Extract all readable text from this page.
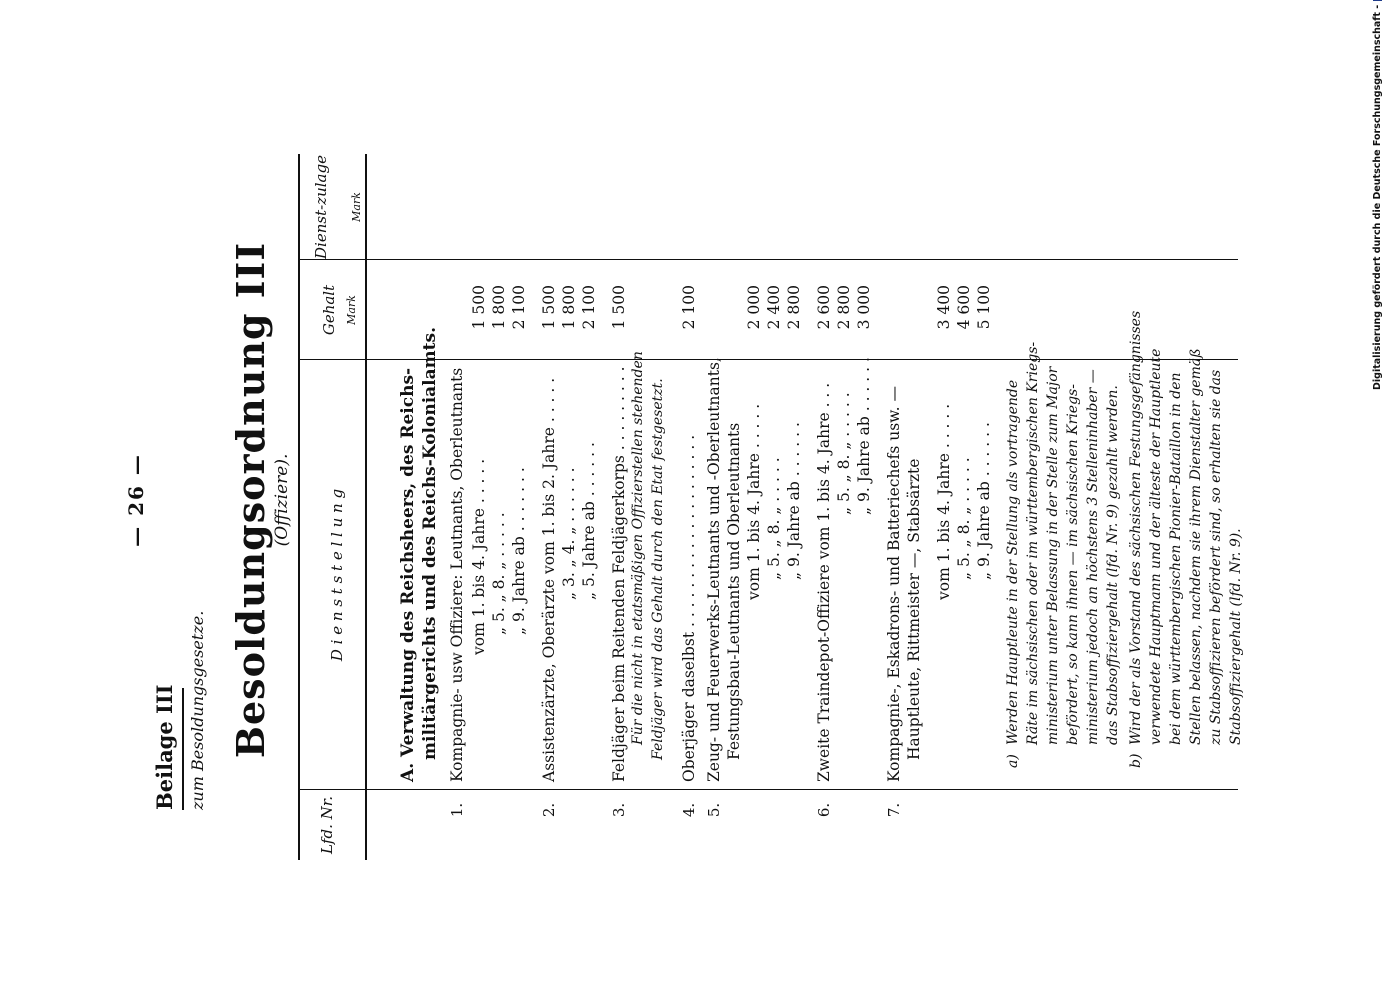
— 26 —
Beilage III zum Besoldungsgesetze. Besoldungsordnung III (Offiziere).
Lfd. Nr.
D i e n s t s t e l l u n g
Gehalt Mark
Dienst-zulage Mark
A. Verwaltung des Reichsheers, des Reichs- militärgerichts und des Reichs-Kolonialamts.
1.
Kompagnie- usw Offiziere: Leutnants, Oberleutnants vom 1. bis 4. Jahre . . . . .
1 500
„ 5. „ 8. „ . . . . .
1 800
„ 9. Jahre ab . . . . . . .
2 100
2.
Assistenzärzte, Oberärzte vom 1. bis 2. Jahre . . . . .
1 500
„ 3. „ 4. „ . . . . . .
1 800
„ 5. Jahre ab . . . . . .
2 100
3.
Feldjäger beim Reitenden Feldjägerkorps . . . . . . . . .
1 500
Für die nicht in etatsmäßigen Offizierstellen stehenden Feldjäger wird das Gehalt durch den Etat festgesetzt.
4.
Oberjäger daselbst . . . . . . . . . . . . . . . . . . . .
2 100
5.
Zeug- und Feuerwerks-Leutnants und -Oberleutnants, Festungsbau-Leutnants und Oberleutnants vom 1. bis 4. Jahre . . . . .
2 000
„ 5. „ 8. „ . . . . .
2 400
„ 9. Jahre ab . . . . . .
2 800
6.
Zweite Traindepot-Offiziere vom 1. bis 4. Jahre . . .
2 600
„ 5. „ 8. „ . . . . .
2 800
„ 9. Jahre ab . . . . . .
3 000
7.
Kompagnie-, Eskadrons- und Batteriechefs usw. — Hauptleute, Rittmeister —, Stabsärzte vom 1. bis 4. Jahre . . . . .
3 400
„ 5. „ 8. „ . . . . .
4 600
„ 9. Jahre ab . . . . . .
5 100
a)
Werden Hauptleute in der Stellung als vortragende Räte im sächsischen oder im württembergischen Kriegs- ministerium unter Belassung in der Stelle zum Major befördert, so kann ihnen — im sächsischen Kriegs- ministerium jedoch an höchstens 3 Stelleninhaber — das Stabsoffiziergehalt (lfd. Nr. 9) gezahlt werden.
b)
Wird der als Vorstand des sächsischen Festungsgefängnisses verwendete Hauptmann und der älteste der Hauptleute bei dem württembergischen Pionier-Bataillon in den Stellen belassen, nachdem sie ihrem Dienstalter gemäß zu Stabsoffizieren befördert sind, so erhalten sie das Stabsoffiziergehalt (lfd. Nr. 9).
Digitalisierung gefördert durch die Deutsche Forschungsgemeinschaft -
